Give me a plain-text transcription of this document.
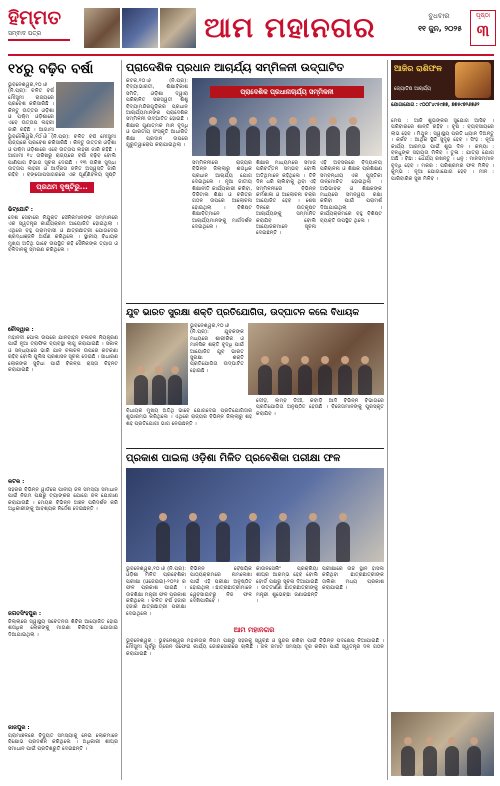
ହିମ୍ମତ
ସମ୍ବାଦ ପତ୍ର	ଆମ ମହାନଗର	ବୁଧବାର
୧୧ ଜୁନ, ୨୦୨୫
ପୃଷ୍ଠା
୩
୧୪ରୁ ବଢ଼ିବ ବର୍ଷା
ଭୁବନେଶ୍ୱର,୧୦।୬ (ନି.ପ୍ର): ଚଳିତ ବର୍ଷ ମୌସୁମୀ ରାଜ୍ୟରେ ପ୍ରବେଶ କରିସାରିଛି । କିନ୍ତୁ ଉତ୍ତର ଓଡ଼ିଶା ଓ ପଶ୍ଚିମ ଓଡ଼ିଶାରେ ଏବେ ଉତ୍ତାପ ଲହରୀ ଜାରି ରହିଛି । ଆଗାମୀ
ଭୁବନେଶ୍ୱର,୧୦।୬ (ନି.ପ୍ର): ଚଳିତ ବର୍ଷ ମୌସୁମୀ ରାଜ୍ୟରେ ପ୍ରବେଶ କରିସାରିଛି । କିନ୍ତୁ ଉତ୍ତର ଓଡ଼ିଶା ଓ ପଶ୍ଚିମ ଓଡ଼ିଶାରେ ଏବେ ଉତ୍ତାପ ଲହରୀ ଜାରି ରହିଛି । ଆଗାମୀ ୧୪ ତାରିଖରୁ ରାଜ୍ୟରେ ବର୍ଷା ବଢ଼ିବ ବୋଲି ପାଣିପାଗ ବିଭାଗ ସୂଚନା ଦେଇଛି । ୧୩ ତାରିଖ ସୁଦ୍ଧା ଉତ୍ତାପ ଲହରୀ ଓ ଆର୍ଦ୍ରତା ଜନିତ ଅସ୍ୱସ୍ତି ଜାରି ରହିବ । ବଙ୍ଗୋପସାଗରରେ ଏକ ଘୂର୍ଣ୍ଣିବଳୟ ସୃଷ୍ଟି
ପ୍ରଥମ ଦୃଷ୍ଟିରୁ...
ଭିଟ୍‌ଯୋଟି :
ଦେଶ ସେବାରେ ନିଯୁକ୍ତ ସୈନିକମାନଙ୍କ ସମ୍ମାନରେ ଏକ ସ୍ୱତନ୍ତ୍ର କାର୍ଯ୍ୟକ୍ରମ ଆୟୋଜିତ ହୋଇଥିଲା । ଏଥିରେ ବହୁ ଗ୍ରାମବାସୀ ଓ ଛାତ୍ରଛାତ୍ରୀ ଯୋଗଦେଇ ଶ୍ରଦ୍ଧାଞ୍ଜଳି ଅର୍ପଣ କରିଥିଲେ । ସ୍ଥାନୀୟ ବିଧାୟକ ମୁଖ୍ୟ ଅତିଥି ଭାବେ ଉପସ୍ଥିତ ରହି ସୈନିକଙ୍କ ତ୍ୟାଗ ଓ ବଳିଦାନକୁ ସ୍ମରଣ କରିଥିଲେ ।
ଚୌଦ୍ୱାର :
ମହାନଦୀ ପୋଲ ଉପରେ ଯାନବାହନ ଚଳାଚଳ ନିୟନ୍ତ୍ରଣ ପାଇଁ ନୂଆ ଟ୍ରାଫିକ ବ୍ୟବସ୍ଥା ଲାଗୁ କରାଯାଇଛି । ସକାଳ ଓ ସନ୍ଧ୍ୟାରେ ଭାରି ଯାନ ଚଳାଚଳ ଉପରେ କଟକଣା ରହିବ ବୋଲି ପୁଲିସ ପ୍ରଶାସନ ସୂଚନା ଦେଇଛି । ସାଧାରଣ ଲୋକଙ୍କ ସୁବିଧା ପାଇଁ ବିକଳ୍ପ ରାସ୍ତା ଚିହ୍ନଟ କରାଯାଇଛି ।
କଟକ :
ସହରର ବିଭିନ୍ନ ୱାର୍ଡରେ ପାନୀୟ ଜଳ ସମସ୍ୟା ସମାଧାନ ପାଇଁ ନିଗମ ପକ୍ଷରୁ ଟ୍ୟାଙ୍କର ଯୋଗେ ଜଳ ଯୋଗାଣ କରାଯାଉଛି । ମେୟର ବିଭିନ୍ନ ଅଞ୍ଚଳ ପରିଦର୍ଶନ କରି ଅଧିକାରୀଙ୍କୁ ଆବଶ୍ୟକ ନିର୍ଦ୍ଦେଶ ଦେଇଛନ୍ତି ।
ଜଗତସିଂହପୁର :
ଜିଲ୍ଲାରେ ସ୍ୱାସ୍ଥ୍ୟ ସଚେତନତା ଶିବିର ଆୟୋଜିତ ହୋଇ ଶତାଧିକ ଲୋକଙ୍କୁ ମାଗଣା ଚିକିତ୍ସା ଯୋଗାଇ ଦିଆଯାଇଥିଲା ।
ଜାଜପୁର :
ଗ୍ରାମାଞ୍ଚଳରେ ବିଦ୍ୟୁତ ସମସ୍ୟାକୁ ନେଇ ଲୋକମାନେ ବିକ୍ଷୋଭ ପ୍ରଦର୍ଶନ କରିଥିଲେ । ଅଧିକାରୀ ଶୀଘ୍ର ସମାଧାନ ପାଇଁ ପ୍ରତିଶ୍ରୁତି ଦେଇଛନ୍ତି ।
ପ୍ରାଦେଶିକ ପ୍ରଧାନ ଆଚାର୍ଯ୍ୟ ସମ୍ମିଳନୀ ଉଦ୍‌ଘାଟିତ
କଟକ,୧୦।୬ (ନି.ପ୍ର): ବିଦ୍ୟାଭାରତୀ, ଶିକ୍ଷାବିକାଶ ସମିତି, ଓଡ଼ିଶା ଦ୍ୱାରା ପରିଚାଳିତ ସରସ୍ୱତୀ ଶିଶୁ ବିଦ୍ୟାମନ୍ଦିରଗୁଡ଼ିକର ପ୍ରଧାନ ଆଚାର୍ଯ୍ୟମାନଙ୍କ ପ୍ରାଦେଶିକ ସମ୍ମିଳନୀ ଉଦ୍‌ଘାଟିତ ହୋଇଛି । ଶିକ୍ଷାର ଗୁଣାତ୍ମକ ମାନ ବୃଦ୍ଧି ଓ ଭାରତୀୟ ସଂସ୍କୃତି ଆଧାରିତ ଶିକ୍ଷା ପ୍ରଦାନ ଉପରେ ଗୁରୁତ୍ୱାରୋପ କରାଯାଇଥିଲା ।
ପ୍ରାଦେଶିକ ପ୍ରଧାନାଚାର୍ଯ୍ୟ ସମ୍ମିଳନୀ
ସମ୍ମିଳନୀରେ ରାଜ୍ୟର ବିଭିନ୍ନ ଜିଲ୍ଲାରୁ ଶତାଧିକ ପ୍ରଧାନ ଆଚାର୍ଯ୍ୟ ଯୋଗ ଦେଇଥିଲେ । ନୂଆ ଜାତୀୟ ଶିକ୍ଷାନୀତି କାର୍ଯ୍ୟକାରୀ କରିବା, ଡିଜିଟାଲ ଶିକ୍ଷା ଓ ଚରିତ୍ର ଗଠନ ଉପରେ ଆଲୋଚନା ହୋଇଥିଲା । ବିଶିଷ୍ଟ ଶିକ୍ଷାବିତ୍ମାନେ ଆଚାର୍ଯ୍ୟମାନଙ୍କୁ ମାର୍ଗଦର୍ଶନ ଦେଇଥିଲେ ।
ଶିକ୍ଷାର ମାଧ୍ୟମରେ ସମାଜ ପରିବର୍ତ୍ତନ ସମ୍ଭବ ବୋଲି ଅତିଥିମାନେ କହିଥିଲେ । ତିନି ଦିନ ଧରି ଚାଲିବାକୁ ଥିବା ଏହି ସମ୍ମିଳନୀରେ ବିଭିନ୍ନ କର୍ମଶାଳା ଓ ଆଲୋଚନା ଚକ୍ର ଆୟୋଜିତ ହେବ । ଶେଷ ଦିନରେ ଉତ୍କୃଷ୍ଟ ଆଚାର୍ଯ୍ୟଙ୍କୁ ସମ୍ମାନିତ କରାଯିବ ବୋଲି ଆୟୋଜକମାନେ ସୂଚନା ଦେଇଛନ୍ତି ।
ଏହି ଅବସରରେ ବିଦ୍ୟାଳୟ ପରିଚାଳନା ଓ ଶିକ୍ଷକ ପ୍ରଶିକ୍ଷଣ ସମ୍ବନ୍ଧୀୟ ଏକ ପୁସ୍ତିକା ଉନ୍ମୋଚିତ ହୋଇଥିଲା । ଅଭିଭାବକ ଓ ଶିକ୍ଷକଙ୍କ ମଧ୍ୟରେ ସମନ୍ୱୟ ରକ୍ଷା କରିବା ପାଇଁ ପରାମର୍ଶ ଦିଆଯାଇଥିଲା । କାର୍ଯ୍ୟକ୍ରମରେ ବହୁ ବିଶିଷ୍ଟ ବ୍ୟକ୍ତି ଉପସ୍ଥିତ ଥିଲେ ।
ଯୁବ ଭାରତ ସୁରକ୍ଷା ଶକ୍ତି ପ୍ରତିଯୋଗିତା, ଉଦ୍‌ଘାଟନ କଲେ ବିଧାୟକ
ଭୁବନେଶ୍ୱର,୧୦।୬ (ନି.ପ୍ର): ଯୁବକଙ୍କ ମଧ୍ୟରେ ଶାରୀରିକ ଓ ମାନସିକ ଶକ୍ତି ବୃଦ୍ଧି ପାଇଁ ଆୟୋଜିତ ଯୁବ ଭାରତ ସୁରକ୍ଷା ଶକ୍ତି ପ୍ରତିଯୋଗିତା ଉଦ୍‌ଘାଟିତ ହୋଇଛି ।
ବିଧାୟକ ମୁଖ୍ୟ ଅତିଥି ଭାବେ ଯୋଗଦେଇ ପ୍ରତିଯୋଗିତାର ଶୁଭାରମ୍ଭ କରିଥିଲେ । ଏଥିରେ ରାଜ୍ୟର ବିଭିନ୍ନ ଜିଲ୍ଲାରୁ ଶହ ଶହ ପ୍ରତିଯୋଗୀ ଭାଗ ନେଇଛନ୍ତି ।
ଦୌଡ଼, ଲମ୍ବ ଡିଆଁ, କବାଡ଼ି ଆଦି ବିଭିନ୍ନ ବିଭାଗରେ ପ୍ରତିଯୋଗିତା ଅନୁଷ୍ଠିତ ହେଉଛି । ବିଜେତାମାନଙ୍କୁ ପୁରସ୍କୃତ କରାଯିବ ।
ପ୍ରକାଶ ପାଇଲା ଓଡ଼ିଶା ମିଳିତ ପ୍ରବେଶିକା ପରୀକ୍ଷା ଫଳ
ଭୁବନେଶ୍ୱର,୧୦।୬ (ନି.ପ୍ର): ଓଡ଼ିଶା ମିଳିତ ପ୍ରବେଶିକା ପରୀକ୍ଷା (ଓଜେଇଇ)-୨୦୨୫ ର ଫଳ ପ୍ରକାଶ ପାଇଛି । ଉଚ୍ଚଶିକ୍ଷା ମନ୍ତ୍ରୀ ଫଳ ପ୍ରକାଶ କରିଥିଲେ । ଚଳିତ ବର୍ଷ ହଜାର ହଜାର ଛାତ୍ରଛାତ୍ରୀ ପରୀକ୍ଷା ଦେଇଥିଲେ ।
ବିଭିନ୍ନ ବୈଷୟିକ ପାଠ୍ୟକ୍ରମରେ ନାମଲେଖା ପାଇଁ ଏହି ପରୀକ୍ଷା ଅନୁଷ୍ଠିତ ହୋଇଥିଲା । ଛାତ୍ରଛାତ୍ରୀମାନେ ୱେବସାଇଟରୁ ନିଜ ଫଳ ଦେଖିପାରିବେ ।
କାଉନସେଲିଂ ପ୍ରକ୍ରିୟା ଶୀଘ୍ର ଆରମ୍ଭ ହେବ ବୋଲି ବୋର୍ଡ ପକ୍ଷରୁ ସୂଚନା ଦିଆଯାଇଛି । ଉତ୍ତୀର୍ଣ୍ଣ ଛାତ୍ରଛାତ୍ରୀଙ୍କୁ ମନ୍ତ୍ରୀ ଶୁଭେଚ୍ଛା ଜଣାଇଛନ୍ତି ।
ପରୀକ୍ଷାରେ ଉଚ୍ଚ ସ୍ଥାନ ହାସଲ କରିଥିବା ଛାତ୍ରଛାତ୍ରୀଙ୍କ ତାଲିକା ମଧ୍ୟ ପ୍ରକାଶ କରାଯାଇଛି ।
ଆମ ମହାନଗର
ଭୁବନେଶ୍ୱର : ଭୁବନେଶ୍ୱର ମହାନଗର ନିଗମ ପକ୍ଷରୁ ସହରକୁ ସ୍ୱଚ୍ଛ ଓ ସୁନ୍ଦର ରଖିବା ପାଇଁ ବିଭିନ୍ନ ପଦକ୍ଷେପ ନିଆଯାଇଛି । ମୌସୁମୀ ପୂର୍ବରୁ ଡ୍ରେନ ସଫେଇ କାର୍ଯ୍ୟ ଜୋରସୋରରେ ଚାଲିଛି । ଜଳ ଜମାଟ ସମସ୍ୟା ଦୂର କରିବା ପାଇଁ ସ୍ୱତନ୍ତ୍ର ଦଳ ଗଠନ କରାଯାଇଛି ।
ଆଜିର ରାଶିଫଳ
ଜ୍ୟୋତିଷ ଆଚାର୍ଯ୍ୟ
ଯୋଗାଯୋଗ : ୯୦୦୮୪୯୫୯୭୭, ୭୭୫୯୭୨୬୭୬୨
ମେଷ : ଆଜି ଶୁଭଙ୍କର ସୁଯୋଗ ଆସିବ । ପରିବାରରେ ଶାନ୍ତି ରହିବ । ବୃଷ : ବ୍ୟବସାୟରେ ଲାଭ ହେବ । ମିଥୁନ : ସ୍ୱାସ୍ଥ୍ୟ ପ୍ରତି ଧ୍ୟାନ ଦିଅନ୍ତୁ । କର୍କଟ : ଆର୍ଥିକ ସ୍ଥିତି ସୁଦୃଢ଼ ହେବ । ସିଂହ : ନୂଆ କାର୍ଯ୍ୟ ଆରମ୍ଭ ପାଇଁ ଶୁଭ ଦିନ । କନ୍ୟା : ବନ୍ଧୁଙ୍କ ସହାୟତା ମିଳିବ । ତୁଳା : ଯାତ୍ରା ଯୋଗ ଅଛି । ବିଛା : ଧୈର୍ଯ୍ୟ ରଖନ୍ତୁ । ଧନୁ : ମାନସମ୍ମାନ ବୃଦ୍ଧି ହେବ । ମକର : ପରିଶ୍ରମର ଫଳ ମିଳିବ । କୁମ୍ଭ : ନୂଆ ଯୋଗାଯୋଗ ହେବ । ମୀନ : ପାରିବାରିକ ସୁଖ ମିଳିବ ।
